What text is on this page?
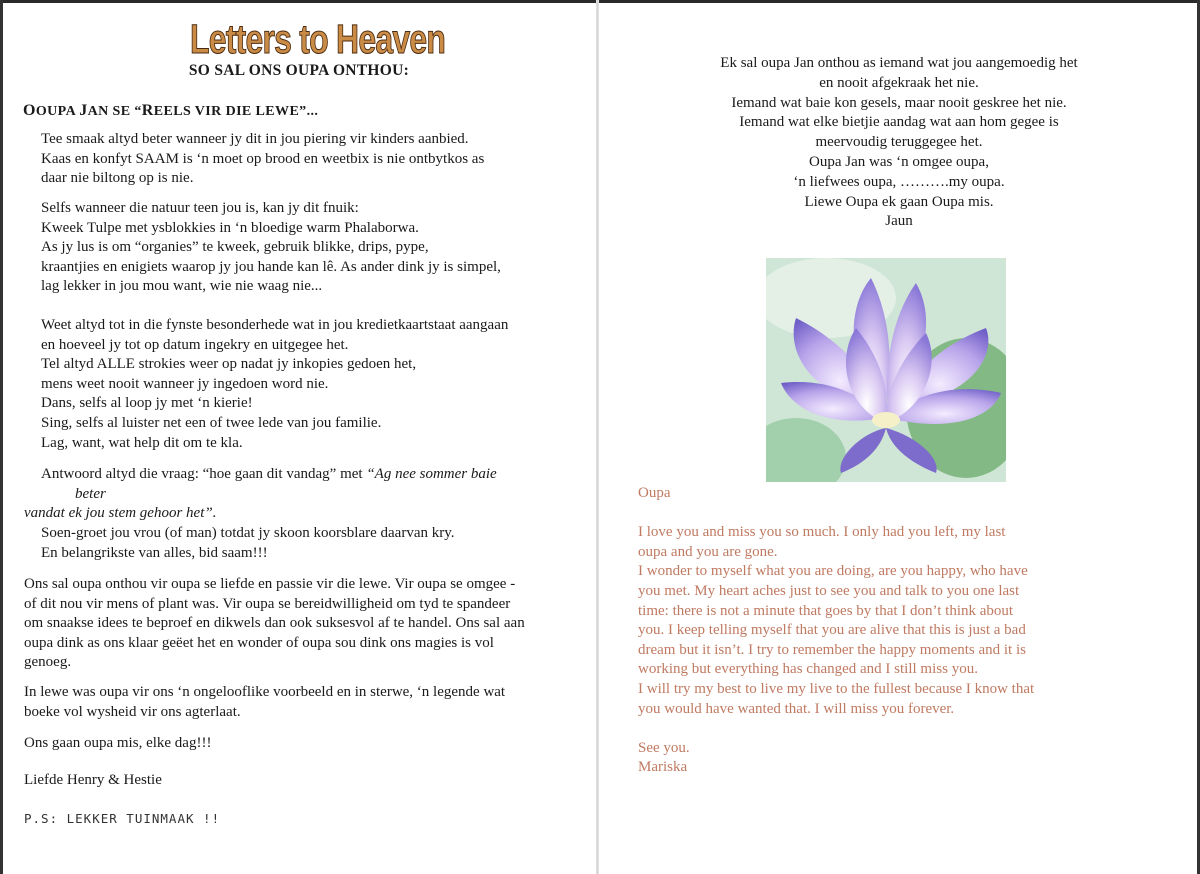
Letters to Heaven
SO SAL ONS OUPA ONTHOU:
OOUPA JAN SE “REELS VIR DIE LEWE”...
Tee smaak altyd beter wanneer jy dit in jou piering vir kinders aanbied.
Kaas en konfyt SAAM is ‘n moet op brood en weetbix is nie ontbytkos as
daar nie biltong op is nie.
Selfs wanneer die natuur teen jou is, kan jy dit fnuik:
Kweek Tulpe met ysblokkies in ‘n bloedige warm Phalaborwa.
As jy lus is om “organies” te kweek, gebruik blikke, drips, pype,
kraantjies en enigiets waarop jy jou hande kan lê. As ander dink jy is simpel,
lag lekker in jou mou want, wie nie waag nie...
Weet altyd tot in die fynste besonderhede wat in jou kredietkaartstaat aangaan
en hoeveel jy tot op datum ingekry en uitgegee het.
Tel altyd ALLE strokies weer op nadat jy inkopies gedoen het,
mens weet nooit wanneer jy ingedoen word nie.
Dans, selfs al loop jy met ‘n kierie!
Sing, selfs al luister net een of twee lede van jou familie.
Lag, want, wat help dit om te kla.
Antwoord altyd die vraag: “hoe gaan dit vandag” met “Ag nee sommer baie
beter
vandat ek jou stem gehoor het”.
Soen-groet jou vrou (of man) totdat jy skoon koorsblare daarvan kry.
En belangrikste van alles, bid saam!!!
Ons sal oupa onthou vir oupa se liefde en passie vir die lewe. Vir oupa se omgee -
of dit nou vir mens of plant was. Vir oupa se bereidwilligheid om tyd te spandeer
om snaakse idees te beproef en dikwels dan ook suksesvol af te handel. Ons sal aan
oupa dink as ons klaar geëet het en wonder of oupa sou dink ons magies is vol
genoeg.
In lewe was oupa vir ons ‘n ongelooflike voorbeeld en in sterwe, ‘n legende wat
boeke vol wysheid vir ons agterlaat.
Ons gaan oupa mis, elke dag!!!
Liefde Henry & Hestie
P.S: LEKKER TUINMAAK !!
Ek sal oupa Jan onthou as iemand wat jou aangemoedig het
en nooit afgekraak het nie.
Iemand wat baie kon gesels, maar nooit geskree het nie.
Iemand wat elke bietjie aandag wat aan hom gegee is
meervoudig teruggegee het.
Oupa Jan was ‘n omgee oupa,
‘n liefwees oupa, ……….my oupa.
Liewe Oupa ek gaan Oupa mis.
Jaun
Oupa
I love you and miss you so much. I only had you left, my last
oupa and you are gone.
I wonder to myself what you are doing, are you happy, who have
you met. My heart aches just to see you and talk to you one last
time: there is not a minute that goes by that I don’t think about
you. I keep telling myself that you are alive that this is just a bad
dream but it isn’t. I try to remember the happy moments and it is
working but everything has changed and I still miss you.
I will try my best to live my live to the fullest because I know that
you would have wanted that. I will miss you forever.
See you.
Mariska
